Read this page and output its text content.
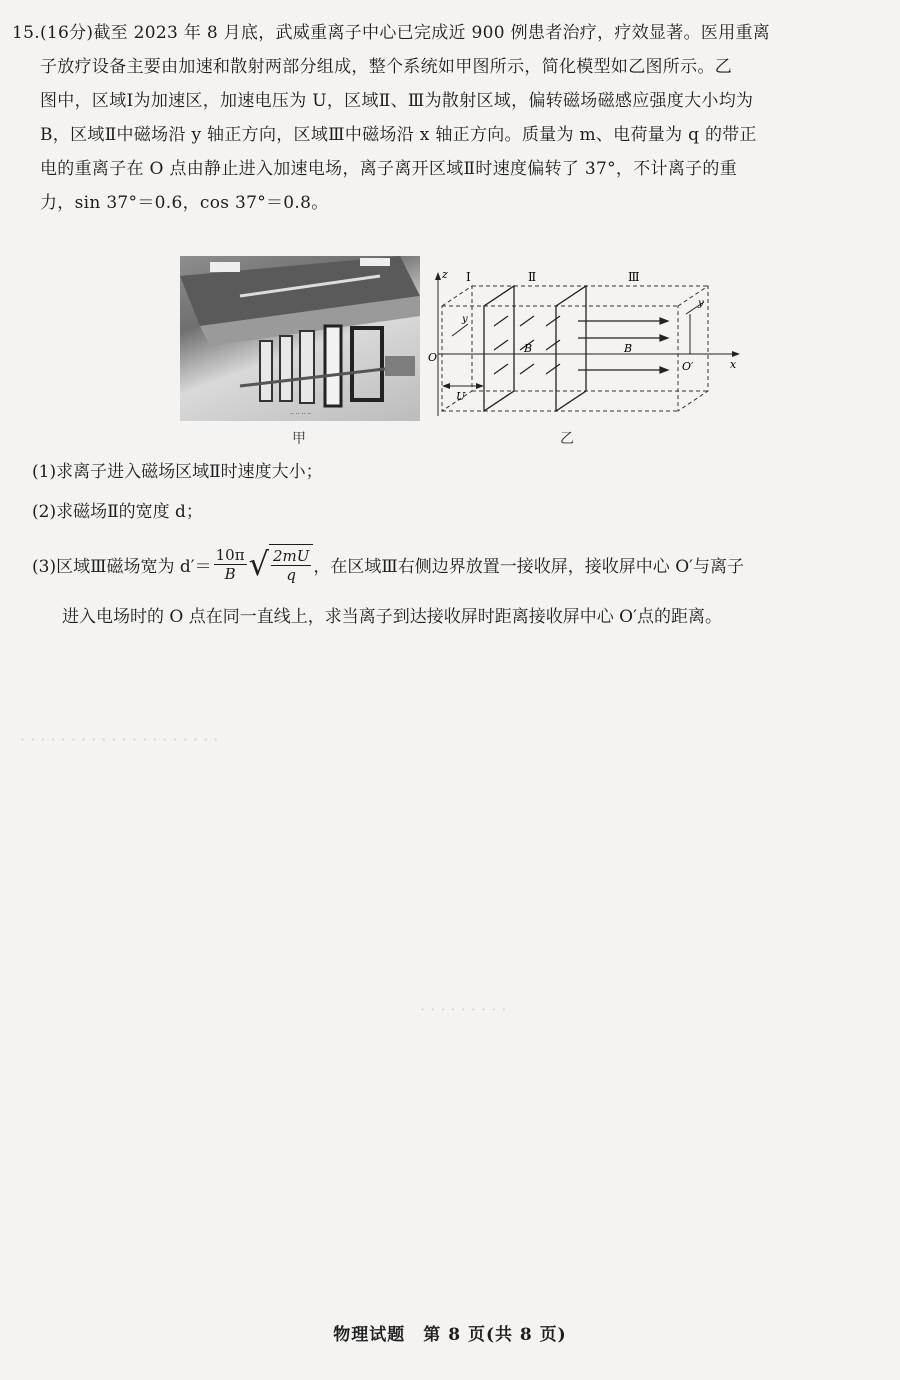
15.(16分)截至 2023 年 8 月底，武威重离子中心已完成近 900 例患者治疗，疗效显著。医用重离

子放疗设备主要由加速和散射两部分组成，整个系统如甲图所示，简化模型如乙图所示。乙

图中，区域Ⅰ为加速区，加速电压为 U，区域Ⅱ、Ⅲ为散射区域，偏转磁场磁感应强度大小均为

B，区域Ⅱ中磁场沿 y 轴正方向，区域Ⅲ中磁场沿 x 轴正方向。质量为 m、电荷量为 q 的带正

电的重离子在 O 点由静止进入加速电场，离子离开区域Ⅱ时速度偏转了 37°，不计离子的重

力，sin 37°＝0.6，cos 37°＝0.8。

·· ·· ·· ··
甲
z
x
O
Ⅰ	Ⅱ	Ⅲ
y
B	B
y
O′
U
乙

(1)求离子进入磁场区域Ⅱ时速度大小；

(2)求磁场Ⅱ的宽度 d；

(3)区域Ⅲ磁场宽为 $d'= \frac{10\pi}{B}$ √ $\frac{2mU}{q}$ ，在区域Ⅲ右侧边界放置一接收屏，接收屏中心 O′与离子

进入电场时的 O 点在同一直线上，求当离子到达接收屏时距离接收屏中心 O′点的距离。

· · · · · · · · · · · · · · · · · · · ·
· · · · · · · · ·
物理试题　第 8 页(共 8 页)
